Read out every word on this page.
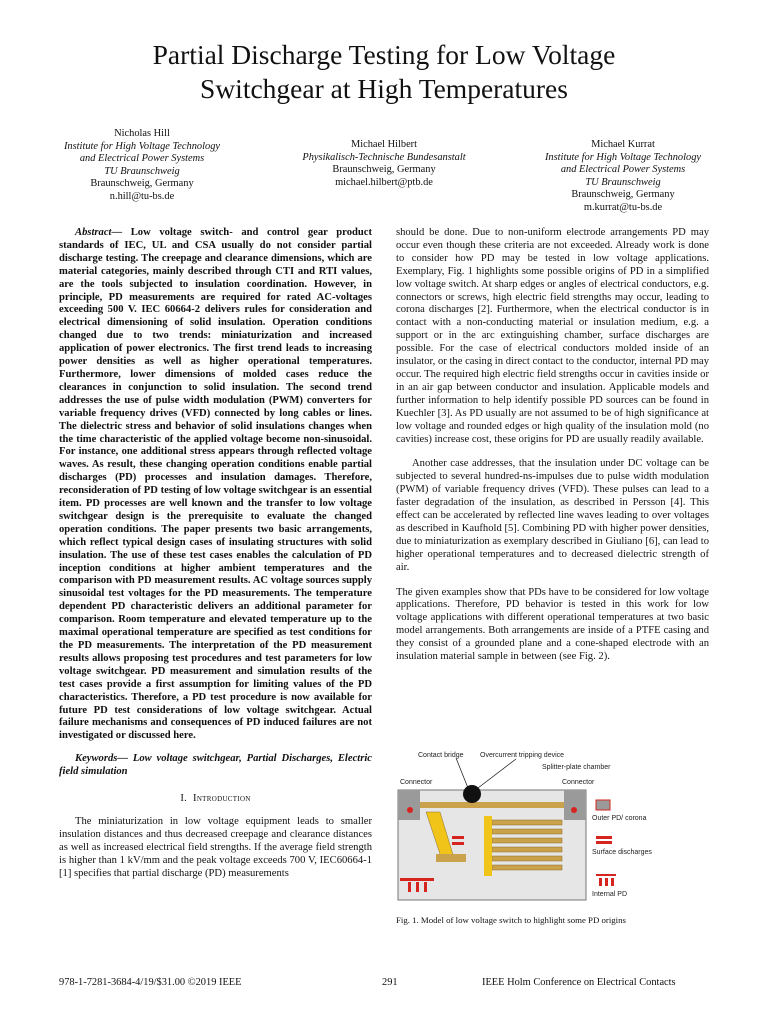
Partial Discharge Testing for Low Voltage
Switchgear at High Temperatures
Nicholas Hill
Institute for High Voltage Technology
and Electrical Power Systems
TU Braunschweig
Braunschweig, Germany
n.hill@tu-bs.de
Michael Hilbert
Physikalisch-Technische Bundesanstalt
Braunschweig, Germany
michael.hilbert@ptb.de
Michael Kurrat
Institute for High Voltage Technology
and Electrical Power Systems
TU Braunschweig
Braunschweig, Germany
m.kurrat@tu-bs.de

Abstract— Low voltage switch- and control gear product standards of IEC, UL and CSA usually do not consider partial discharge testing. The creepage and clearance dimensions, which are material categories, mainly described through CTI and RTI values, are the tools subjected to insulation coordination. However, in principle, PD measurements are required for rated AC-voltages exceeding 500 V. IEC 60664-2 delivers rules for consideration and electrical dimensioning of solid insulation. Operation conditions changed due to two trends: miniaturization and increased application of power electronics. The first trend leads to increasing power densities as well as higher operational temperatures. Furthermore, lower dimensions of molded cases reduce the clearances in conjunction to solid insulation. The second trend addresses the use of pulse width modulation (PWM) converters for variable frequency drives (VFD) connected by long cables or lines. The dielectric stress and behavior of solid insulations changes when the time characteristic of the applied voltage become non-sinusoidal. For instance, one additional stress appears through reflected voltage waves. As result, these changing operation conditions enable partial discharges (PD) processes and insulation damages. Therefore, reconsideration of PD testing of low voltage switchgear is an essential item. PD processes are well known and the transfer to low voltage switchgear design is the prerequisite to evaluate the changed operation conditions. The paper presents two basic arrangements, which reflect typical design cases of insulating structures with solid insulation. The use of these test cases enables the calculation of PD inception conditions at higher ambient temperatures and the comparison with PD measurement results. AC voltage sources supply sinusoidal test voltages for the PD measurements. The temperature dependent PD characteristic delivers an additional parameter for comparison. Room temperature and elevated temperature up to the maximal operational temperature are specified as test conditions for the PD measurements. The interpretation of the PD measurement results allows proposing test procedures and test parameters for low voltage switchgear. PD measurement and simulation results of the test cases provide a first assumption for limiting values of the PD characteristics. Therefore, a PD test procedure is now available for future PD test considerations of low voltage switchgear. Actual failure mechanisms and consequences of PD induced failures are not investigated or discussed here.

Keywords— Low voltage switchgear, Partial Discharges, Electric field simulation

I. Introduction

The miniaturization in low voltage equipment leads to smaller insulation distances and thus decreased creepage and clearance distances as well as increased electrical field strengths. If the average field strength is higher than 1 kV/mm and the peak voltage exceeds 700 V, IEC60664-1 [1] specifies that partial discharge (PD) measurements

should be done. Due to non-uniform electrode arrangements PD may occur even though these criteria are not exceeded. Already work is done to consider how PD may be tested in low voltage applications. Exemplary, Fig. 1 highlights some possible origins of PD in a simplified low voltage switch. At sharp edges or angles of electrical conductors, e.g. connectors or screws, high electric field strengths may occur, leading to corona discharges [2]. Furthermore, when the electrical conductor is in contact with a non-conducting material or insulation medium, e.g. a support or in the arc extinguishing chamber, surface discharges are possible. For the case of electrical conductors molded inside of an insulator, or the casing in direct contact to the conductor, internal PD may occur. The required high electric field strengths occur in cavities inside or in an air gap between conductor and insulation. Applicable models and further information to help identify possible PD sources can be found in Kuechler [3]. As PD usually are not assumed to be of high significance at low voltage and rounded edges or high quality of the insulation mold (no cavities) increase cost, these origins for PD are usually readily available.

Another case addresses, that the insulation under DC voltage can be subjected to several hundred-ns-impulses due to pulse width modulation (PWM) of variable frequency drives (VFD). These pulses can lead to a faster degradation of the insulation, as described in Persson [4]. This effect can be accelerated by reflected line waves leading to over voltages as described in Kaufhold [5]. Combining PD with higher power densities, due to miniaturization as exemplary described in Giuliano [6], can lead to higher operational temperatures and to decreased dielectric strength of air.

The given examples show that PDs have to be considered for low voltage applications. Therefore, PD behavior is tested in this work for low voltage applications with different operational temperatures at two basic model arrangements. Both arrangements are inside of a PTFE casing and they consist of a grounded plane and a cone-shaped electrode with an insulation material sample in between (see Fig. 2).

Contact bridge Overcurrent tripping device
Splitter-plate chamber
Connector	Connector
Outer PD/ corona
Surface discharges
Internal PD
Fig. 1. Model of low voltage switch to highlight some PD origins
978-1-7281-3684-4/19/$31.00 ©2019 IEEE	291	IEEE Holm Conference on Electrical Contacts
